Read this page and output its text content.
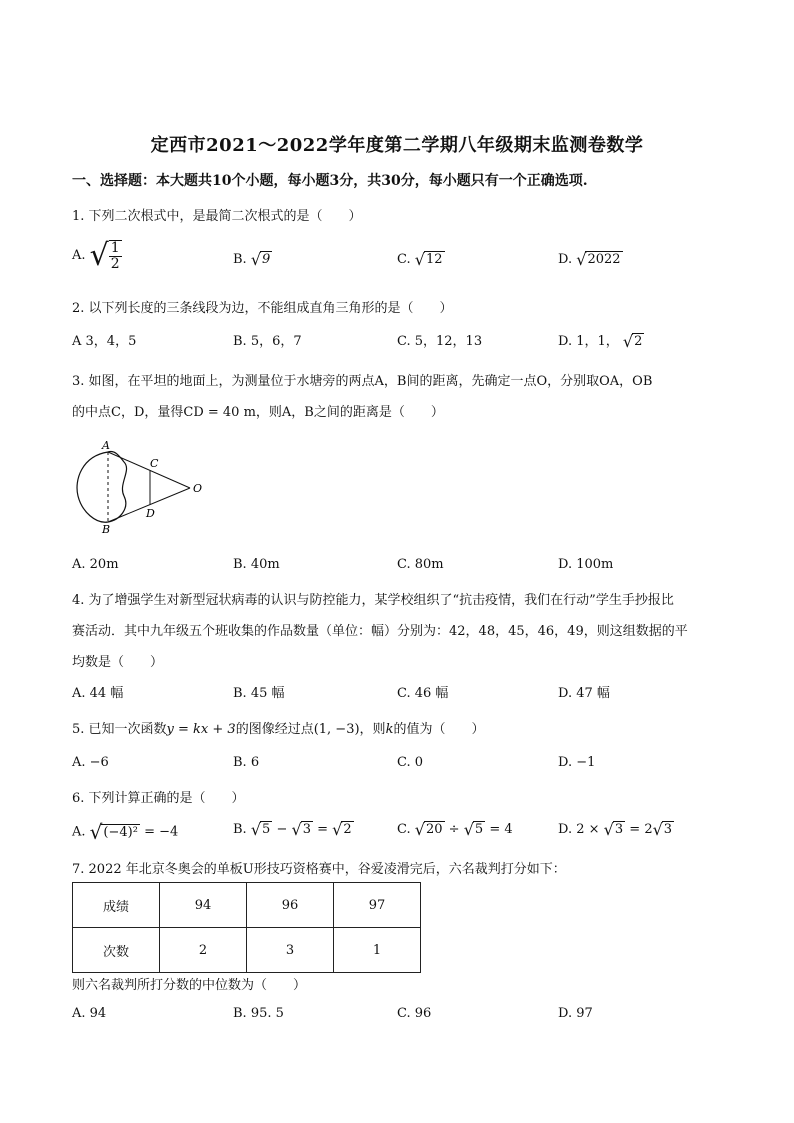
定西市2021～2022学年度第二学期八年级期末监测卷数学
一、选择题：本大题共10个小题，每小题3分，共30分，每小题只有一个正确选项.
1. 下列二次根式中，是最简二次根式的是（　　）
A. √ $\frac{1}{2}$	B. √9	C. √12	D. √2022
2. 以下列长度的三条线段为边，不能组成直角三角形的是（　　）
A 3，4，5	B. 5，6，7	C. 5，12，13	D. 1，1， √2
3. 如图，在平坦的地面上，为测量位于水塘旁的两点A，B间的距离，先确定一点O，分别取OA，OB
的中点C，D，量得CD = 40 m，则A，B之间的距离是（　　）
A
B
C
D
O
A. 20m	B. 40m	C. 80m	D. 100m
4. 为了增强学生对新型冠状病毒的认识与防控能力，某学校组织了“抗击疫情，我们在行动”学生手抄报比
赛活动．其中九年级五个班收集的作品数量（单位：幅）分别为：42，48，45，46，49，则这组数据的平
均数是（　　）
A. 44 幅	B. 45 幅	C. 46 幅	D. 47 幅
5. 已知一次函数y = kx + 3的图像经过点(1, −3)，则k的值为（　　）
A. −6	B. 6	C. 0	D. −1
6. 下列计算正确的是（　　）
A. √(−4)² = −4	B. √5 − √3 = √2	C. √20 ÷ √5 = 4	D. 2 × √3 = 2√3
7. 2022 年北京冬奥会的单板U形技巧资格赛中，谷爱凌滑完后，六名裁判打分如下：
成绩	94	96	97
次数	2	3	1
则六名裁判所打分数的中位数为（　　）
A. 94	B. 95. 5	C. 96	D. 97
